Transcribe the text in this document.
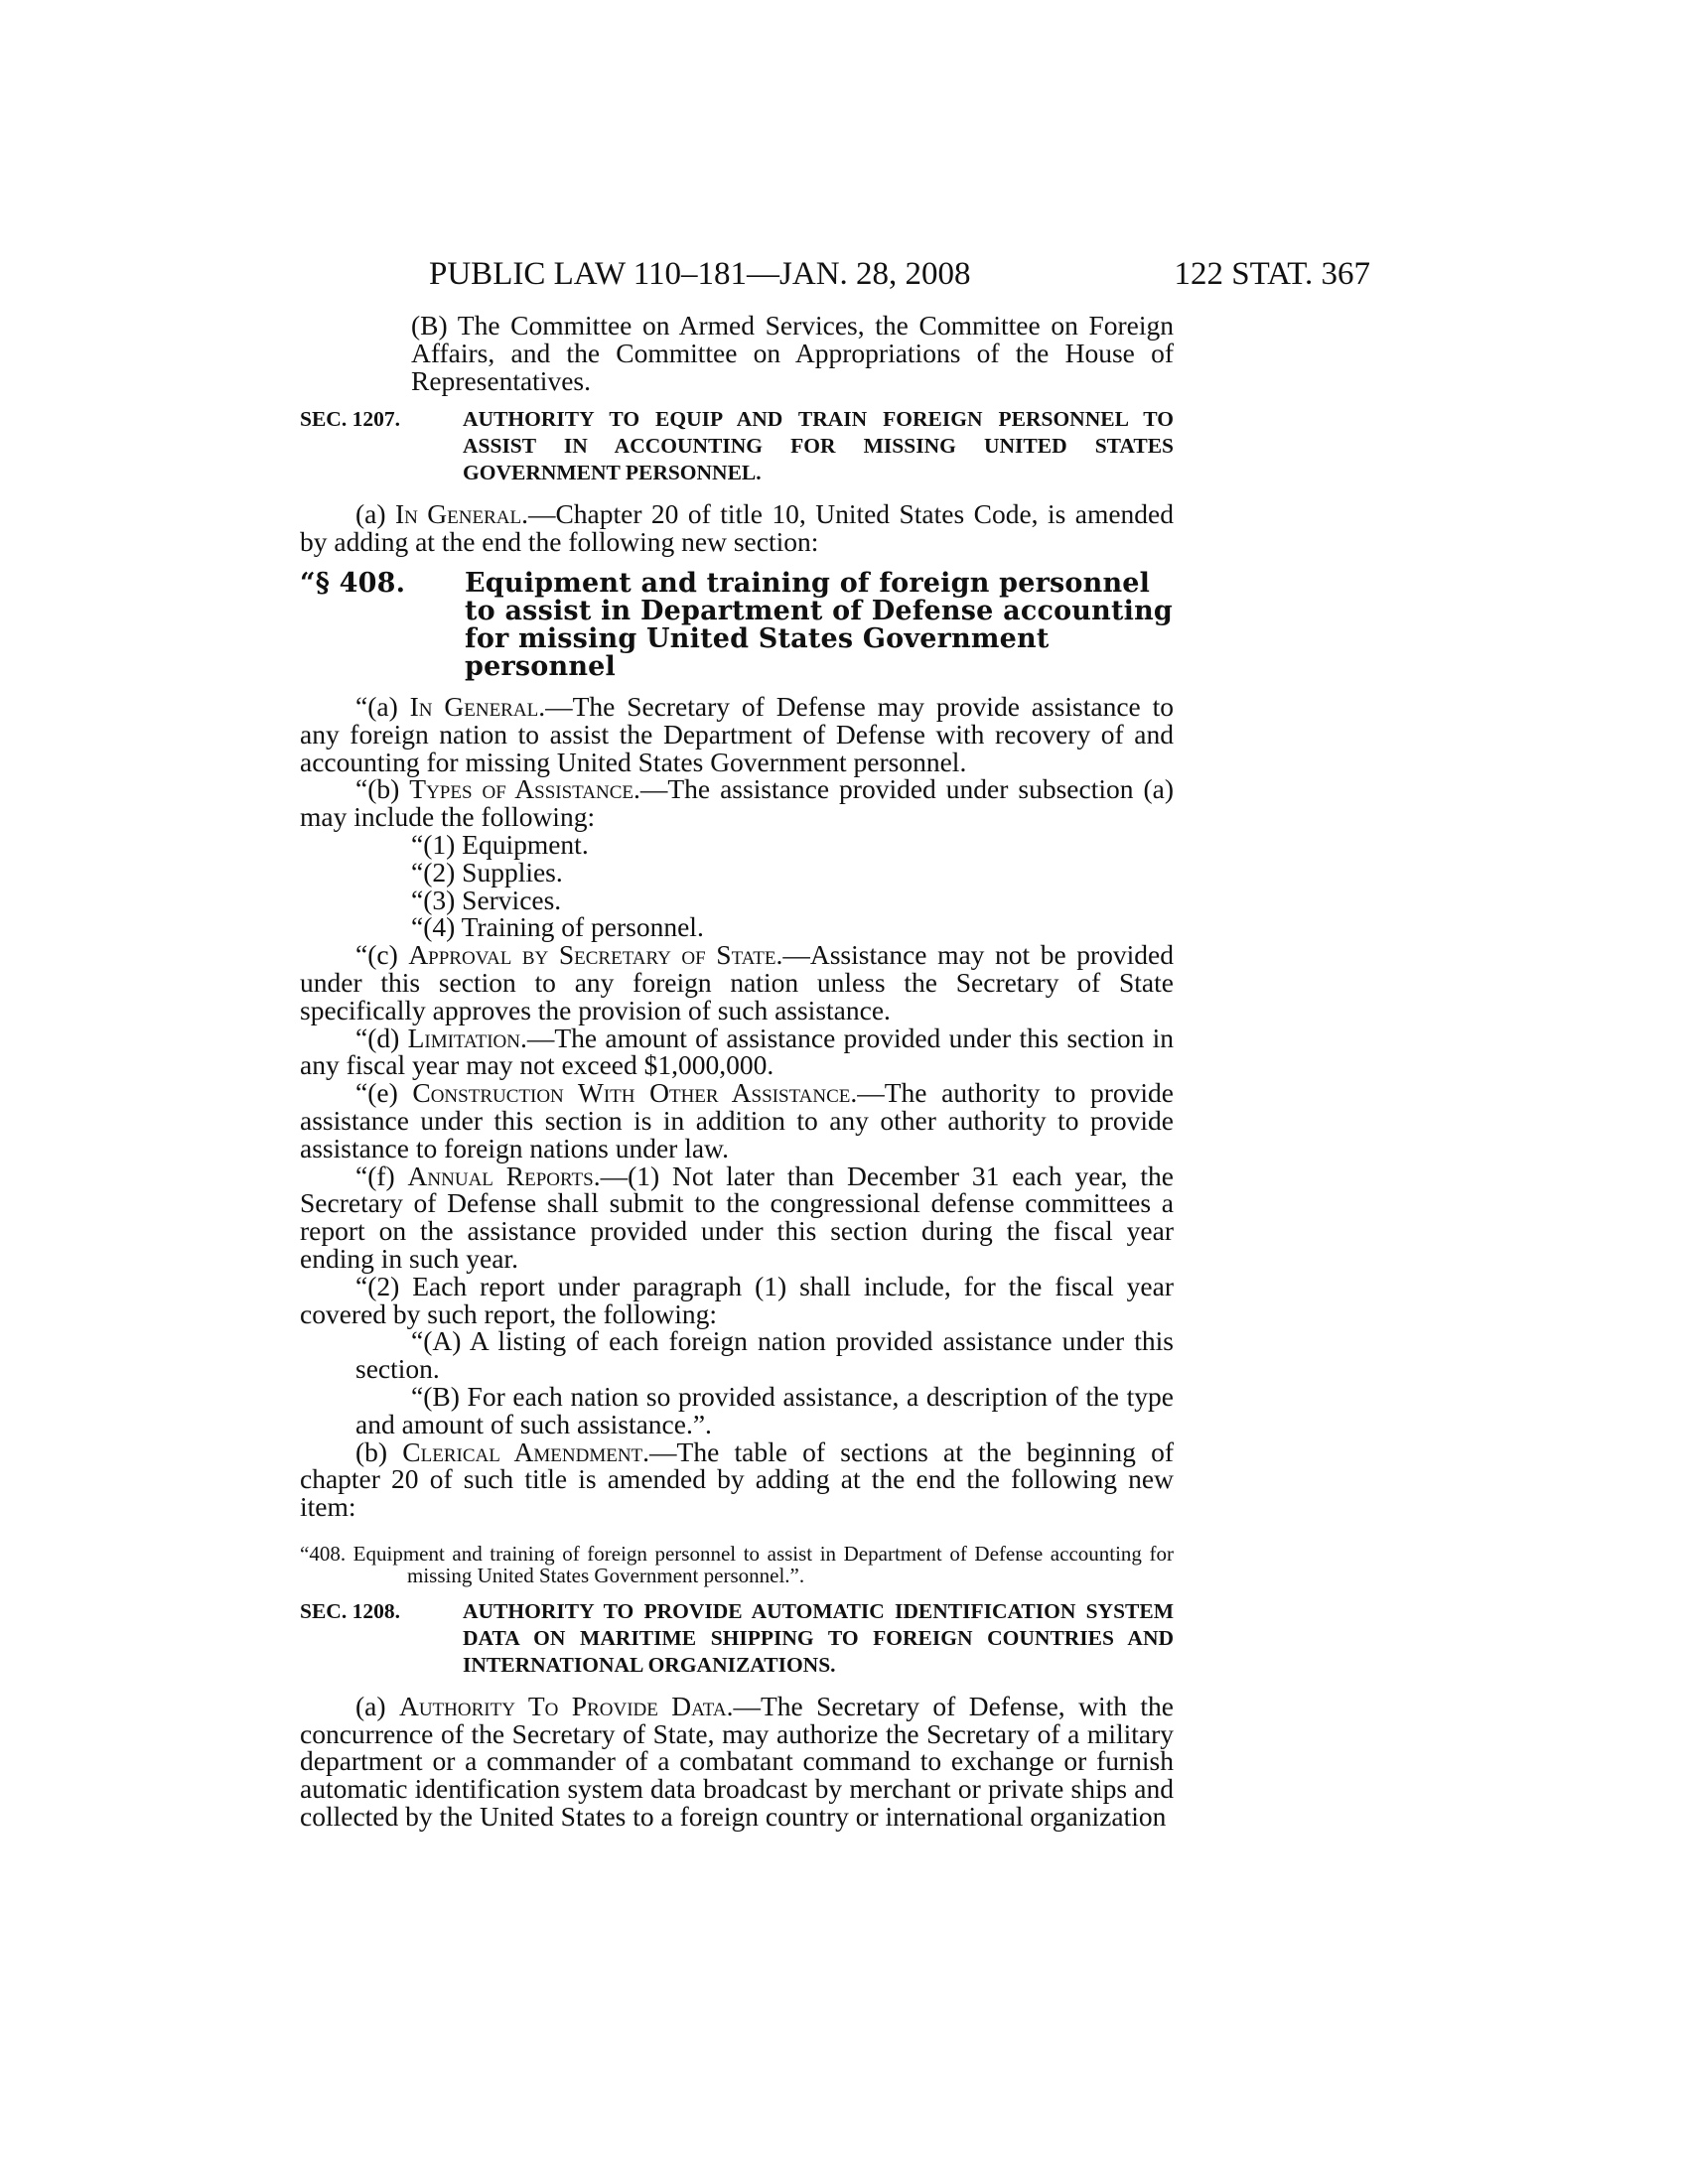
PUBLIC LAW 110–181—JAN. 28, 2008	122 STAT. 367

(B) The Committee on Armed Services, the Committee on Foreign Affairs, and the Committee on Appropriations of the House of Representatives.

SEC. 1207.	AUTHORITY TO EQUIP AND TRAIN FOREIGN PERSONNEL TO ASSIST IN ACCOUNTING FOR MISSING UNITED STATES GOVERNMENT PERSONNEL.

(a) In General.—Chapter 20 of title 10, United States Code, is amended by adding at the end the following new section:

“§ 408. Equipment and training of foreign personnel to assist in Department of Defense accounting for missing United States Government personnel

“(a) In General.—The Secretary of Defense may provide assistance to any foreign nation to assist the Department of Defense with recovery of and accounting for missing United States Government personnel.

“(b) Types of Assistance.—The assistance provided under subsection (a) may include the following:

“(1) Equipment.

“(2) Supplies.

“(3) Services.

“(4) Training of personnel.

“(c) Approval by Secretary of State.—Assistance may not be provided under this section to any foreign nation unless the Secretary of State specifically approves the provision of such assistance.

“(d) Limitation.—The amount of assistance provided under this section in any fiscal year may not exceed $1,000,000.

“(e) Construction With Other Assistance.—The authority to provide assistance under this section is in addition to any other authority to provide assistance to foreign nations under law.

“(f) Annual Reports.—(1) Not later than December 31 each year, the Secretary of Defense shall submit to the congressional defense committees a report on the assistance provided under this section during the fiscal year ending in such year.

“(2) Each report under paragraph (1) shall include, for the fiscal year covered by such report, the following:

“(A) A listing of each foreign nation provided assistance under this section.

“(B) For each nation so provided assistance, a description of the type and amount of such assistance.”.

(b) Clerical Amendment.—The table of sections at the beginning of chapter 20 of such title is amended by adding at the end the following new item:

“408. Equipment and training of foreign personnel to assist in Department of Defense accounting for missing United States Government personnel.”.

SEC. 1208.	AUTHORITY TO PROVIDE AUTOMATIC IDENTIFICATION SYSTEM DATA ON MARITIME SHIPPING TO FOREIGN COUNTRIES AND INTERNATIONAL ORGANIZATIONS.

(a) Authority To Provide Data.—The Secretary of Defense, with the concurrence of the Secretary of State, may authorize the Secretary of a military department or a commander of a combatant command to exchange or furnish automatic identification system data broadcast by merchant or private ships and collected by the United States to a foreign country or international organization
